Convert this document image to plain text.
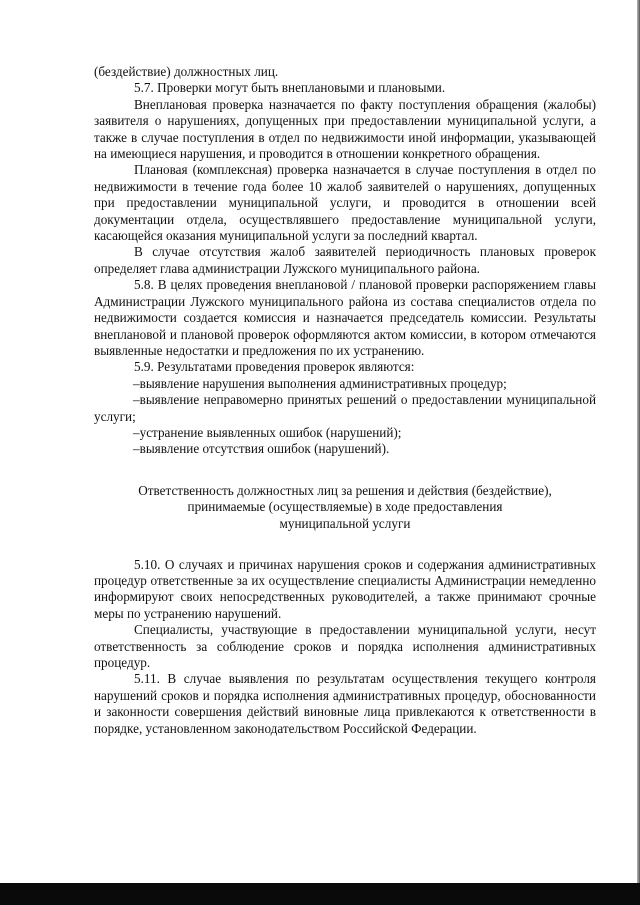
(бездействие) должностных лиц.

5.7. Проверки могут быть внеплановыми и плановыми.

Внеплановая проверка назначается по факту поступления обращения (жалобы) заявителя о нарушениях, допущенных при предоставлении муниципальной услуги, а также в случае поступления в отдел по недвижимости иной информации, указывающей на имеющиеся нарушения, и проводится в отношении конкретного обращения.

Плановая (комплексная) проверка назначается в случае поступления в отдел по недвижимости в течение года более 10 жалоб заявителей о нарушениях, допущенных при предоставлении муниципальной услуги, и проводится в отношении всей документации отдела, осуществлявшего предоставление муниципальной услуги, касающейся оказания муниципальной услуги за последний квартал.

В случае отсутствия жалоб заявителей периодичность плановых проверок определяет глава администрации Лужского муниципального района.

5.8. В целях проведения внеплановой / плановой проверки распоряжением главы Администрации Лужского муниципального района из состава специалистов отдела по недвижимости создается комиссия и назначается председатель комиссии. Результаты внеплановой и плановой проверок оформляются актом комиссии, в котором отмечаются выявленные недостатки и предложения по их устранению.

5.9. Результатами проведения проверок являются:

–выявление нарушения выполнения административных процедур;

–выявление неправомерно принятых решений о предоставлении муниципальной услуги;

–устранение выявленных ошибок (нарушений);

–выявление отсутствия ошибок (нарушений).

Ответственность должностных лиц за решения и действия (бездействие),
принимаемые (осуществляемые) в ходе предоставления
муниципальной услуги

5.10. О случаях и причинах нарушения сроков и содержания административных процедур ответственные за их осуществление специалисты Администрации немедленно информируют своих непосредственных руководителей, а также принимают срочные меры по устранению нарушений.

Специалисты, участвующие в предоставлении муниципальной услуги, несут ответственность за соблюдение сроков и порядка исполнения административных процедур.

5.11. В случае выявления по результатам осуществления текущего контроля нарушений сроков и порядка исполнения административных процедур, обоснованности и законности совершения действий виновные лица привлекаются к ответственности в порядке, установленном законодательством Российской Федерации.
